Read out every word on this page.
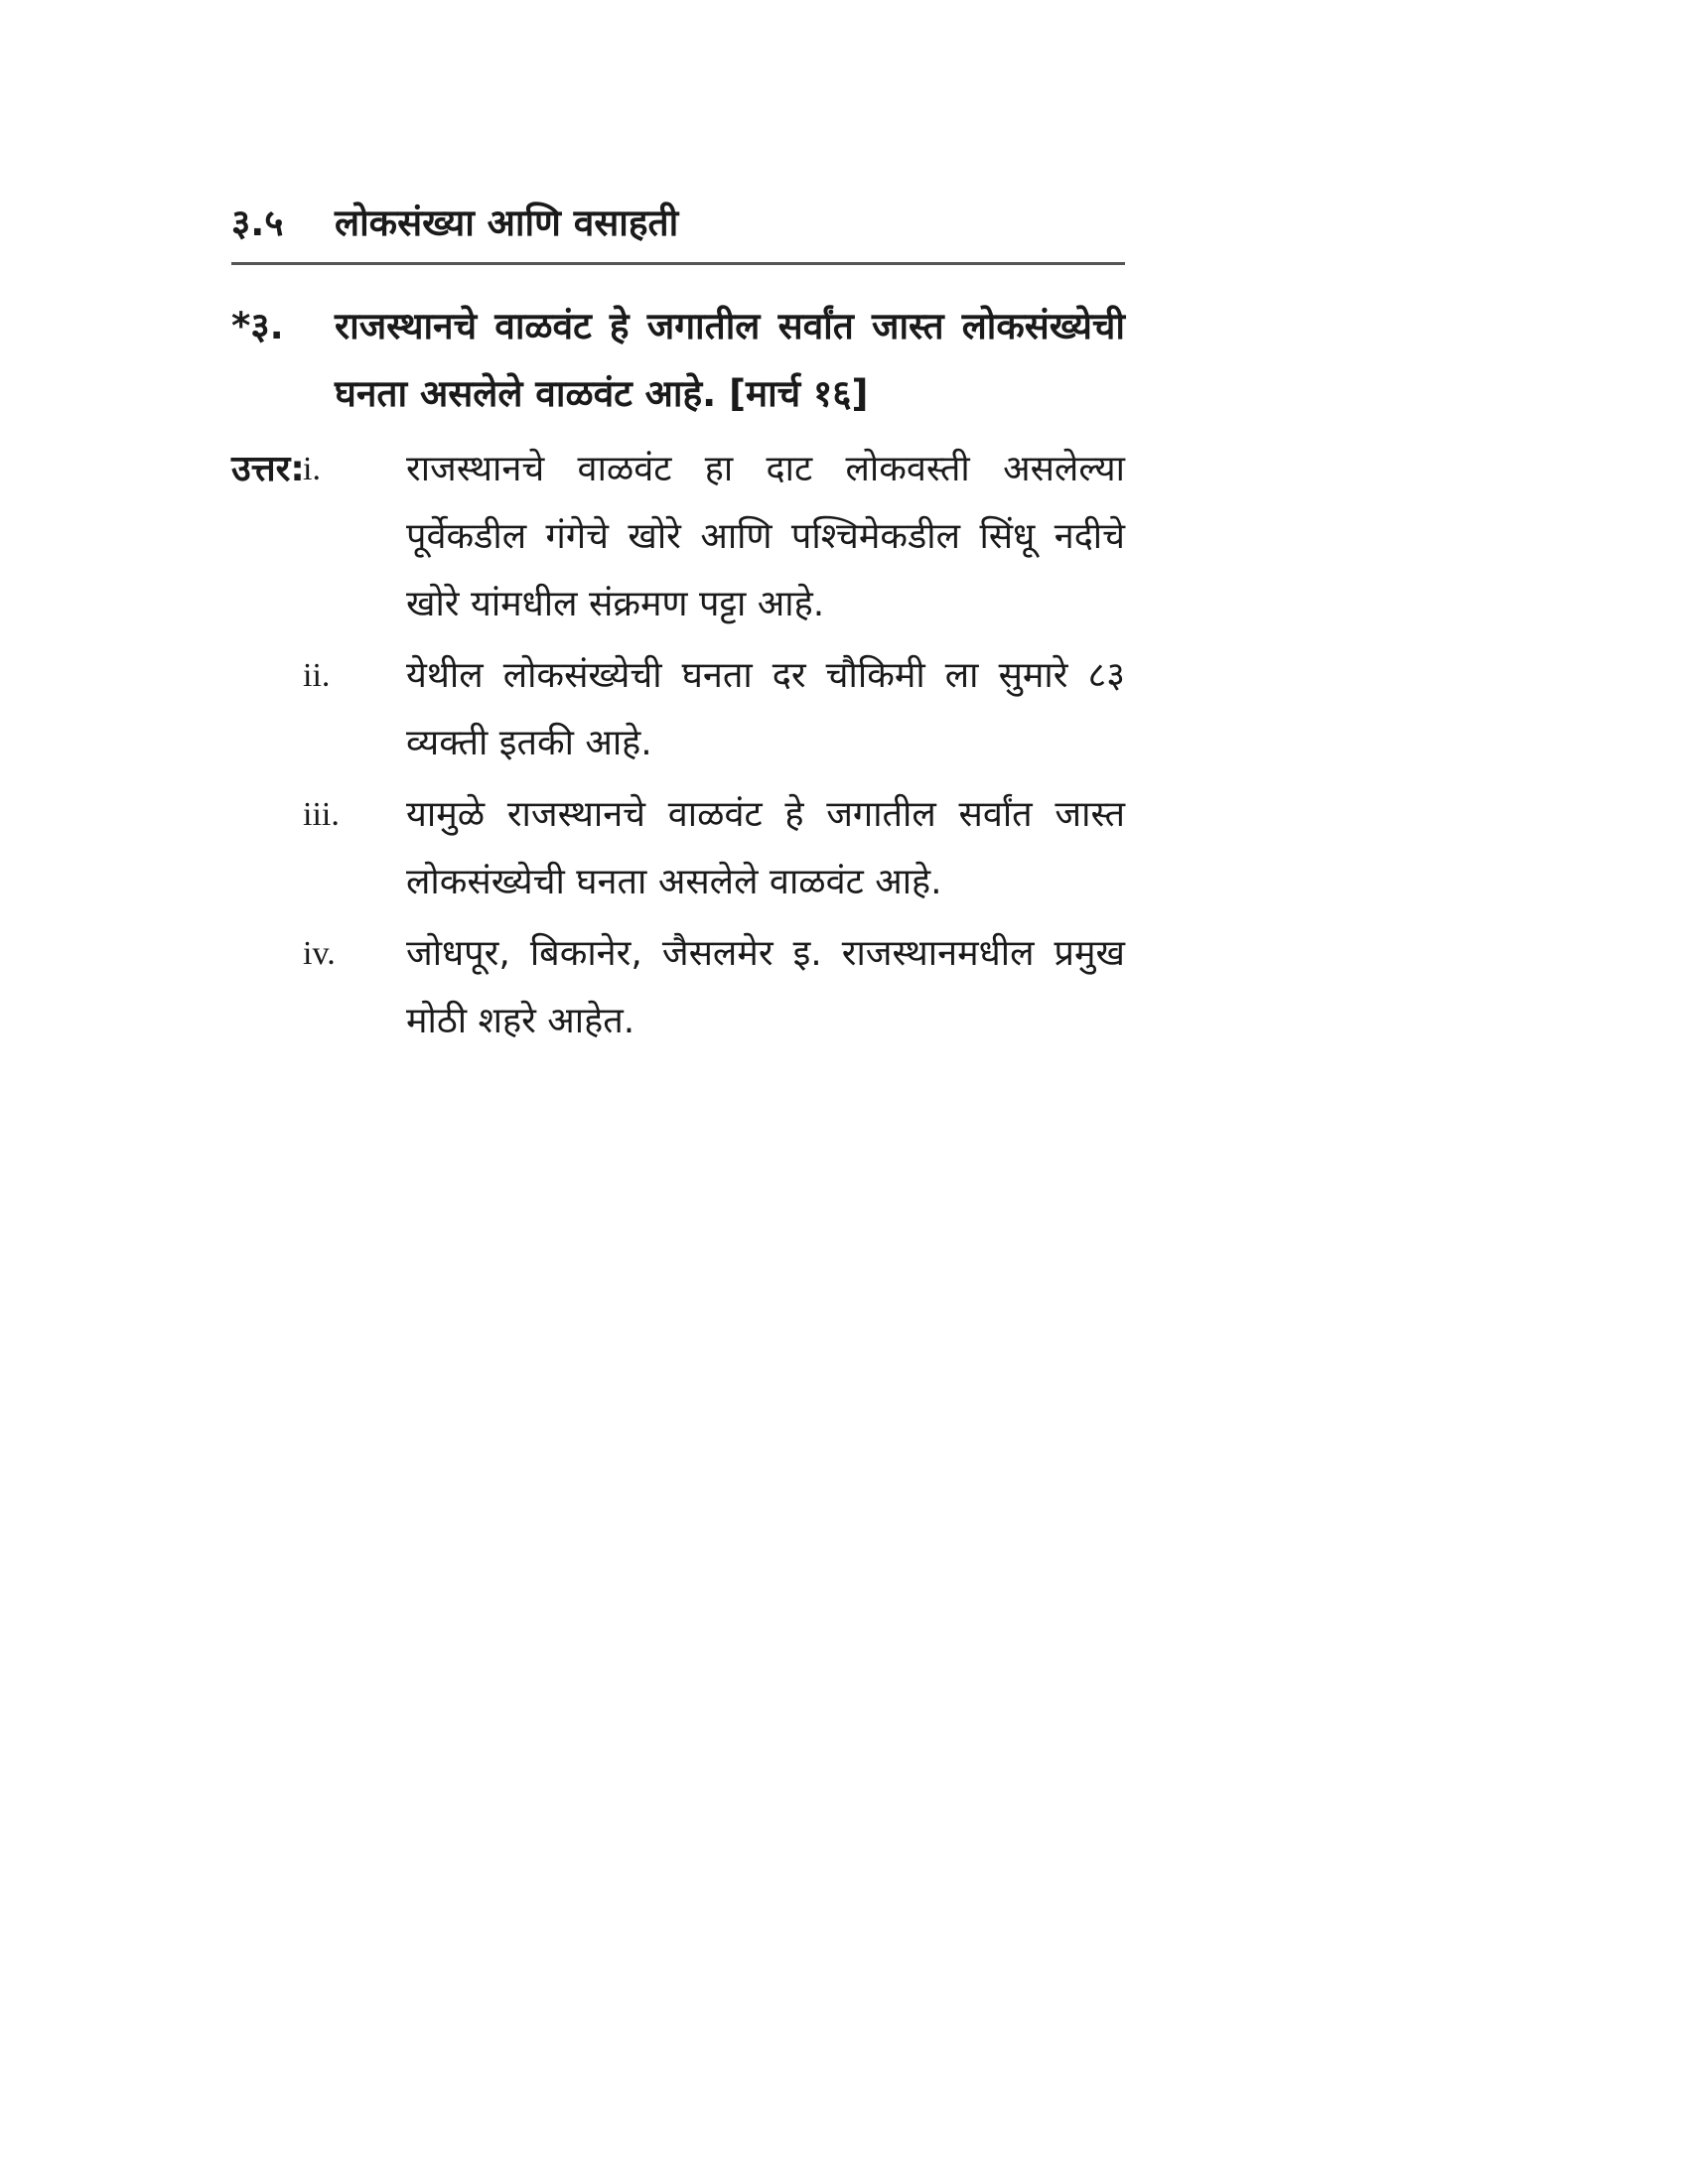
३.५	लोकसंख्या आणि वसाहती
*३.	राजस्थानचे वाळवंट हे जगातील सर्वांत जास्त लोकसंख्येची घनता असलेले वाळवंट आहे. [मार्च १६]
उत्तर:
i.	राजस्थानचे वाळवंट हा दाट लोकवस्ती असलेल्या पूर्वेकडील गंगेचे खोरे आणि पश्चिमेकडील सिंधू नदीचे खोरे यांमधील संक्रमण पट्टा आहे.
ii.	येथील लोकसंख्येची घनता दर चौकिमी ला सुमारे ८३ व्यक्ती इतकी आहे.
iii.	यामुळे राजस्थानचे वाळवंट हे जगातील सर्वांत जास्त लोकसंख्येची घनता असलेले वाळवंट आहे.
iv.	जोधपूर, बिकानेर, जैसलमेर इ. राजस्थानमधील प्रमुख मोठी शहरे आहेत.
